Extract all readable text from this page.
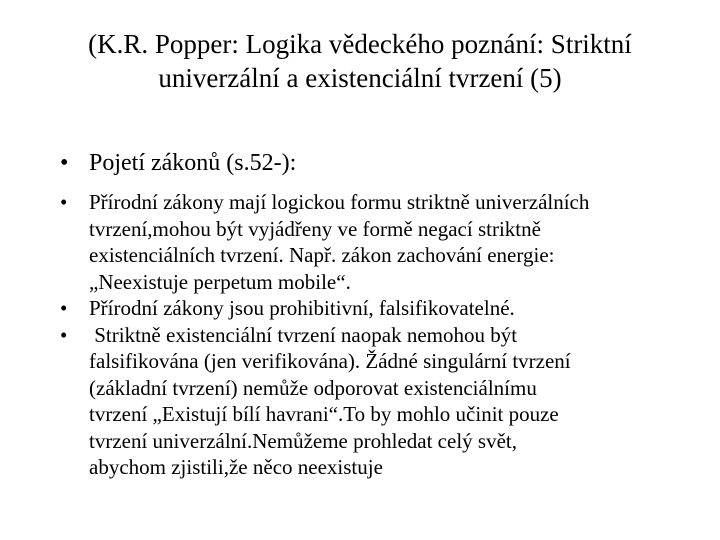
(K.R. Popper: Logika vědeckého poznání: Striktní
univerzální a existenciální tvrzení (5)
• Pojetí zákonů (s.52-):
•	Přírodní zákony mají logickou formu striktně univerzálních
tvrzení,mohou být vyjádřeny ve formě negací striktně
existenciálních tvrzení. Např. zákon zachování energie:
„Neexistuje perpetum mobile“.
•	Přírodní zákony jsou prohibitivní, falsifikovatelné.
•	Striktně existenciální tvrzení naopak nemohou být
falsifikována (jen verifikována). Žádné singulární tvrzení
(základní tvrzení) nemůže odporovat existenciálnímu
tvrzení „Existují bílí havrani“.To by mohlo učinit pouze
tvrzení univerzální.Nemůžeme prohledat celý svět,
abychom zjistili,že něco neexistuje
